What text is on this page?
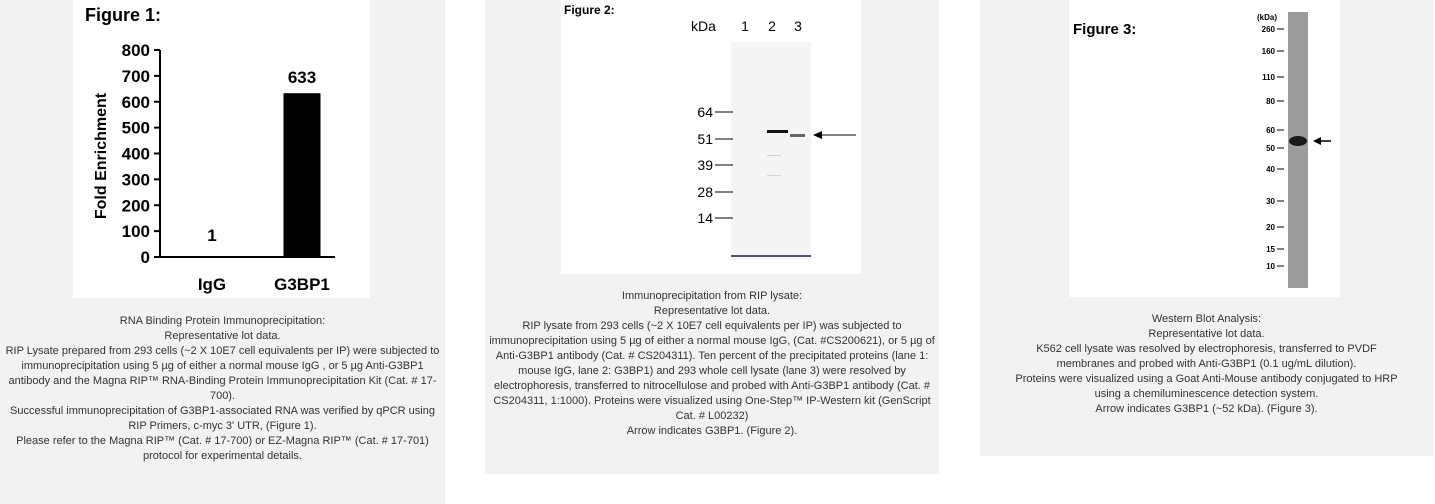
Figure 1:
0
100
200
300
400
500
600
700
800
1
IgG
633
G3BP1
Fold Enrichment
RNA Binding Protein Immunoprecipitation:
Representative lot data.
RIP Lysate prepared from 293 cells (~2 X 10E7 cell equivalents per IP) were subjected to immunoprecipitation using 5 µg of either a normal mouse IgG , or 5 µg Anti-G3BP1 antibody and the Magna RIP™ RNA-Binding Protein Immunoprecipitation Kit (Cat. # 17-700).
Successful immunoprecipitation of G3BP1-associated RNA was verified by qPCR using RIP Primers, c-myc 3' UTR, (Figure 1).
Please refer to the Magna RIP™ (Cat. # 17-700) or EZ-Magna RIP™ (Cat. # 17-701) protocol for experimental details.
Figure 2:
kDa 1 2 3
64
51
39
28
14
Immunoprecipitation from RIP lysate:
Representative lot data.
RIP lysate from 293 cells (~2 X 10E7 cell equivalents per IP) was subjected to immunoprecipitation using 5 µg of either a normal mouse IgG, (Cat. #CS200621), or 5 µg of Anti-G3BP1 antibody (Cat. # CS204311). Ten percent of the precipitated proteins (lane 1: mouse IgG, lane 2: G3BP1) and 293 whole cell lysate (lane 3) were resolved by electrophoresis, transferred to nitrocellulose and probed with Anti-G3BP1 antibody (Cat. # CS204311, 1:1000). Proteins were visualized using One-Step™ IP-Western kit (GenScript Cat. # L00232)
Arrow indicates G3BP1. (Figure 2).
Figure 3:
(kDa)
260
160
110
80
60
50
40
30
20
15
10
Western Blot Analysis:
Representative lot data.
K562 cell lysate was resolved by electrophoresis, transferred to PVDF membranes and probed with Anti-G3BP1 (0.1 ug/mL dilution).
Proteins were visualized using a Goat Anti-Mouse antibody conjugated to HRP using a chemiluminescence detection system.
Arrow indicates G3BP1 (~52 kDa). (Figure 3).
